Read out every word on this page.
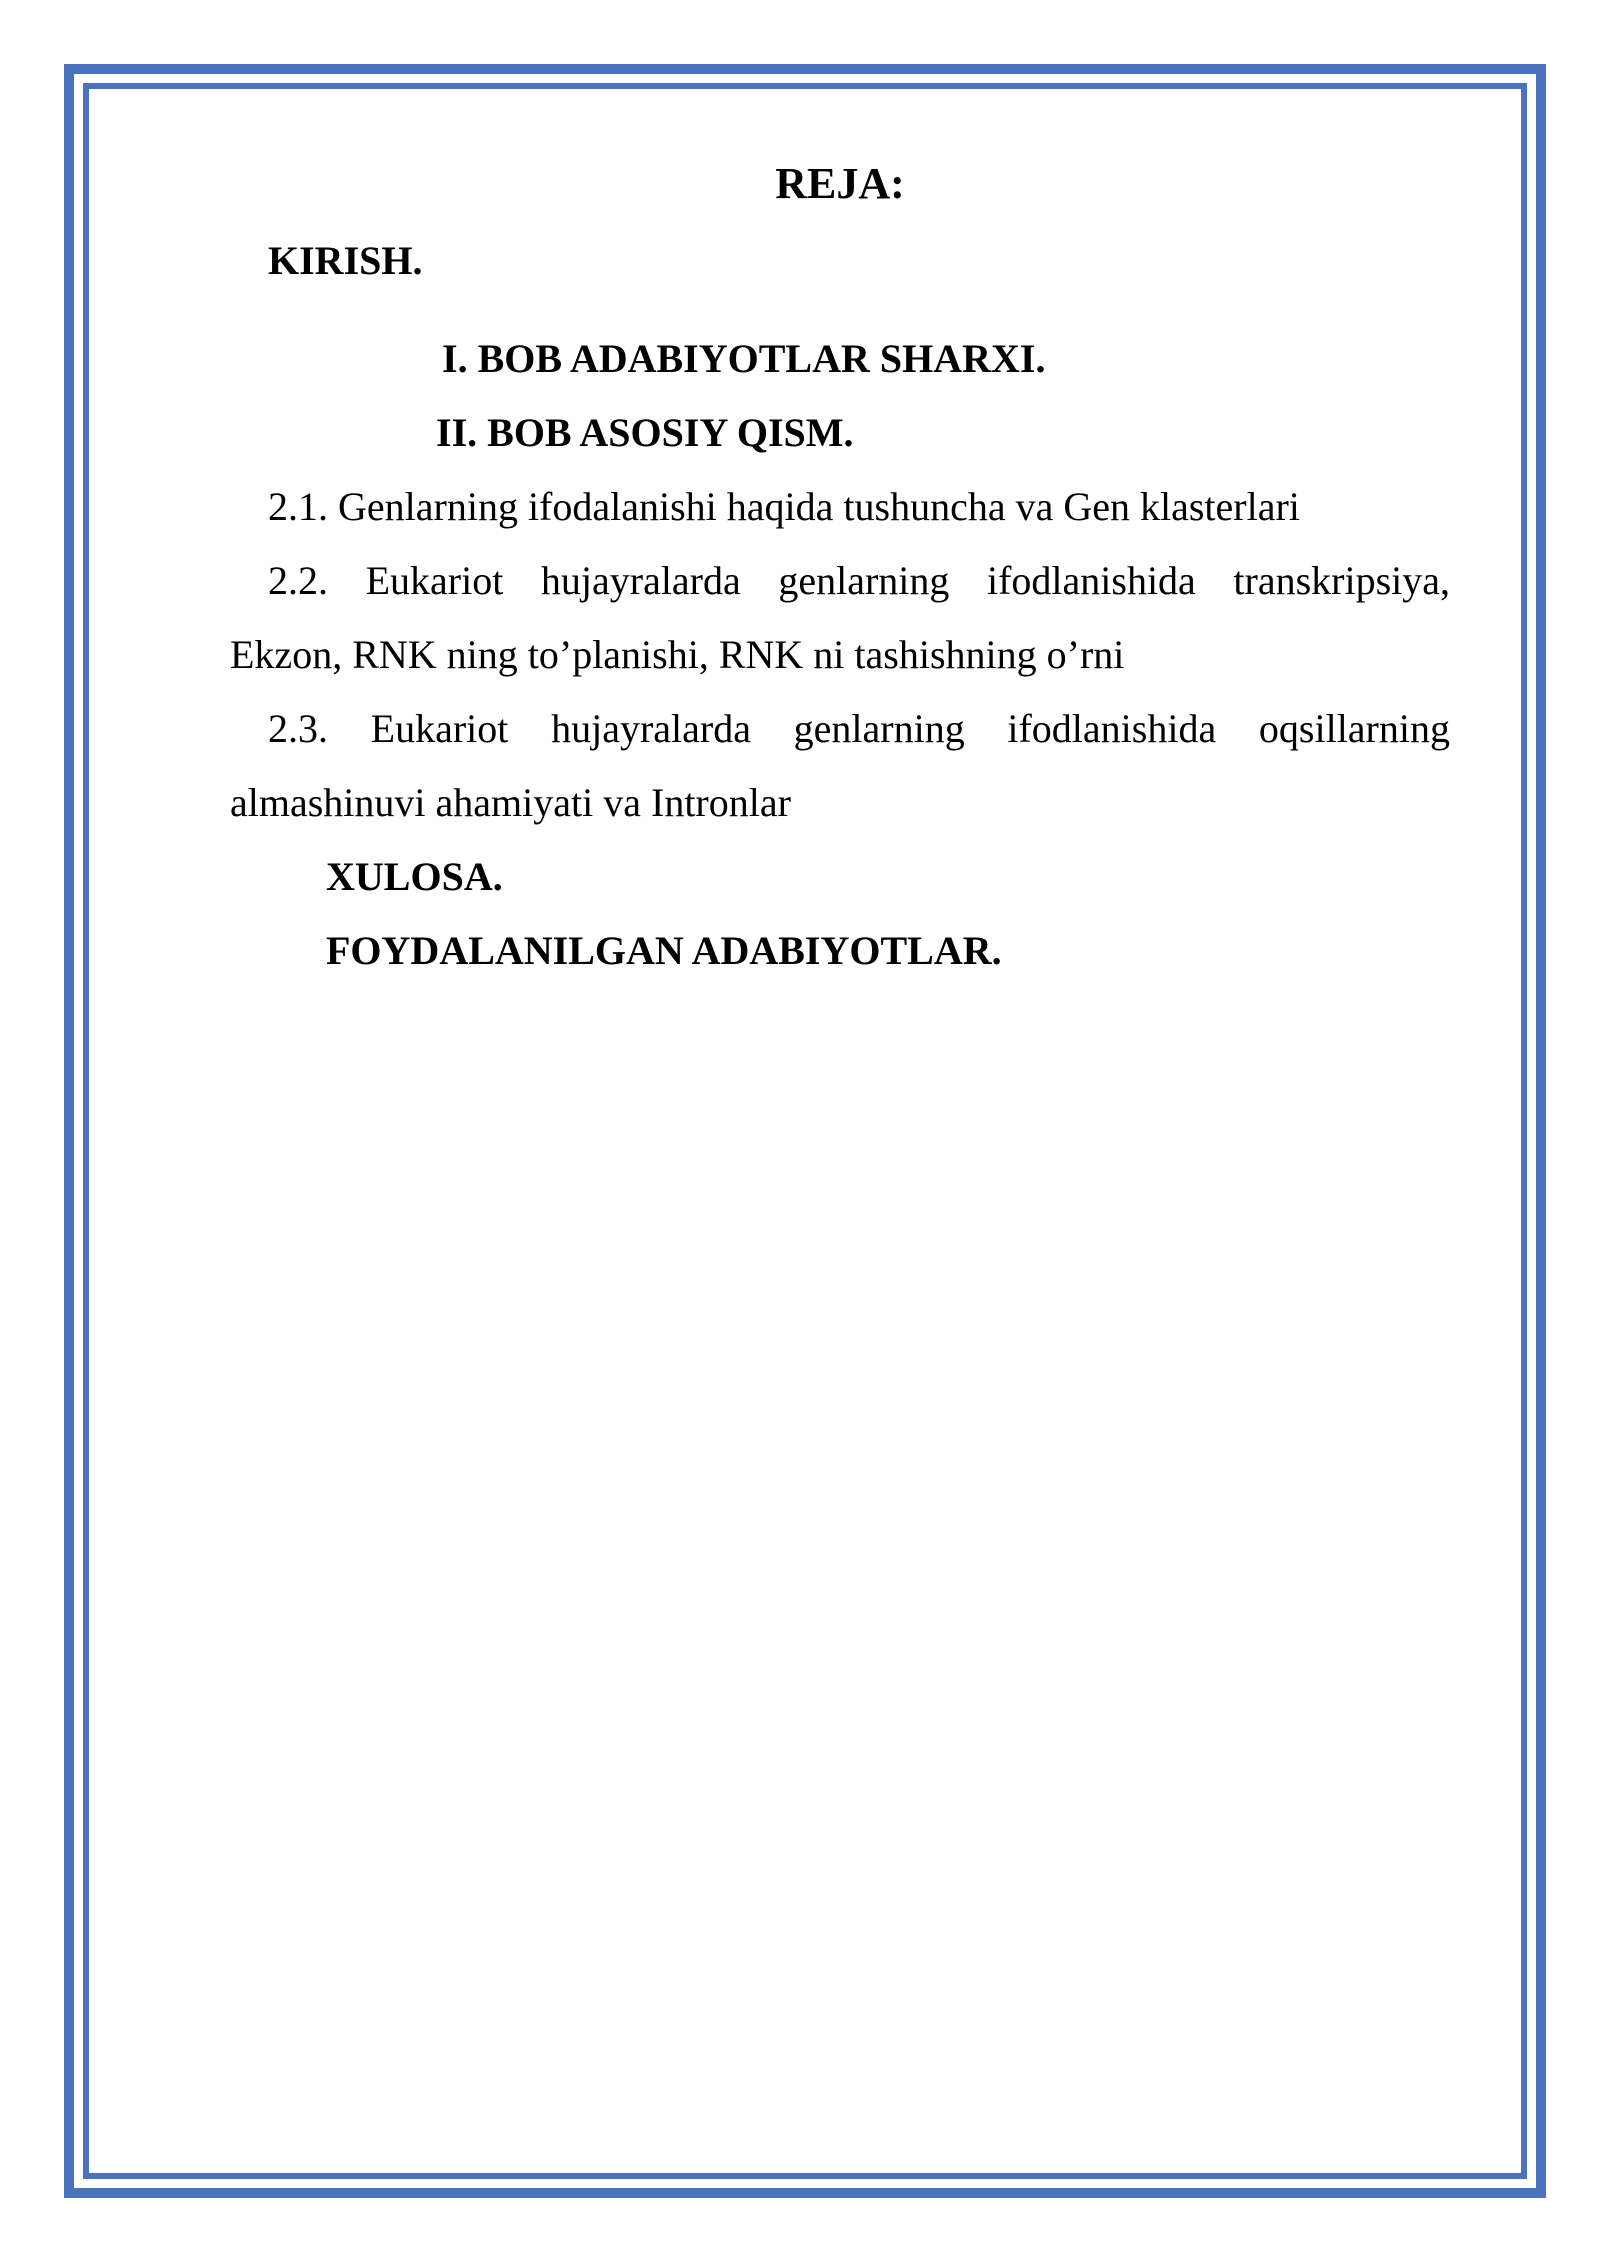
REJA:
KIRISH.
I. BOB ADABIYOTLAR SHARXI.
II. BOB ASOSIY QISM.
2.1. Genlarning ifodalanishi haqida tushuncha va Gen klasterlari
2.2. Eukariot hujayralarda genlarning ifodlanishida transkripsiya,
Ekzon, RNK ning to’planishi, RNK ni tashishning o’rni
2.3. Eukariot hujayralarda genlarning ifodlanishida oqsillarning
almashinuvi ahamiyati va Intronlar
XULOSA.
FOYDALANILGAN ADABIYOTLAR.
